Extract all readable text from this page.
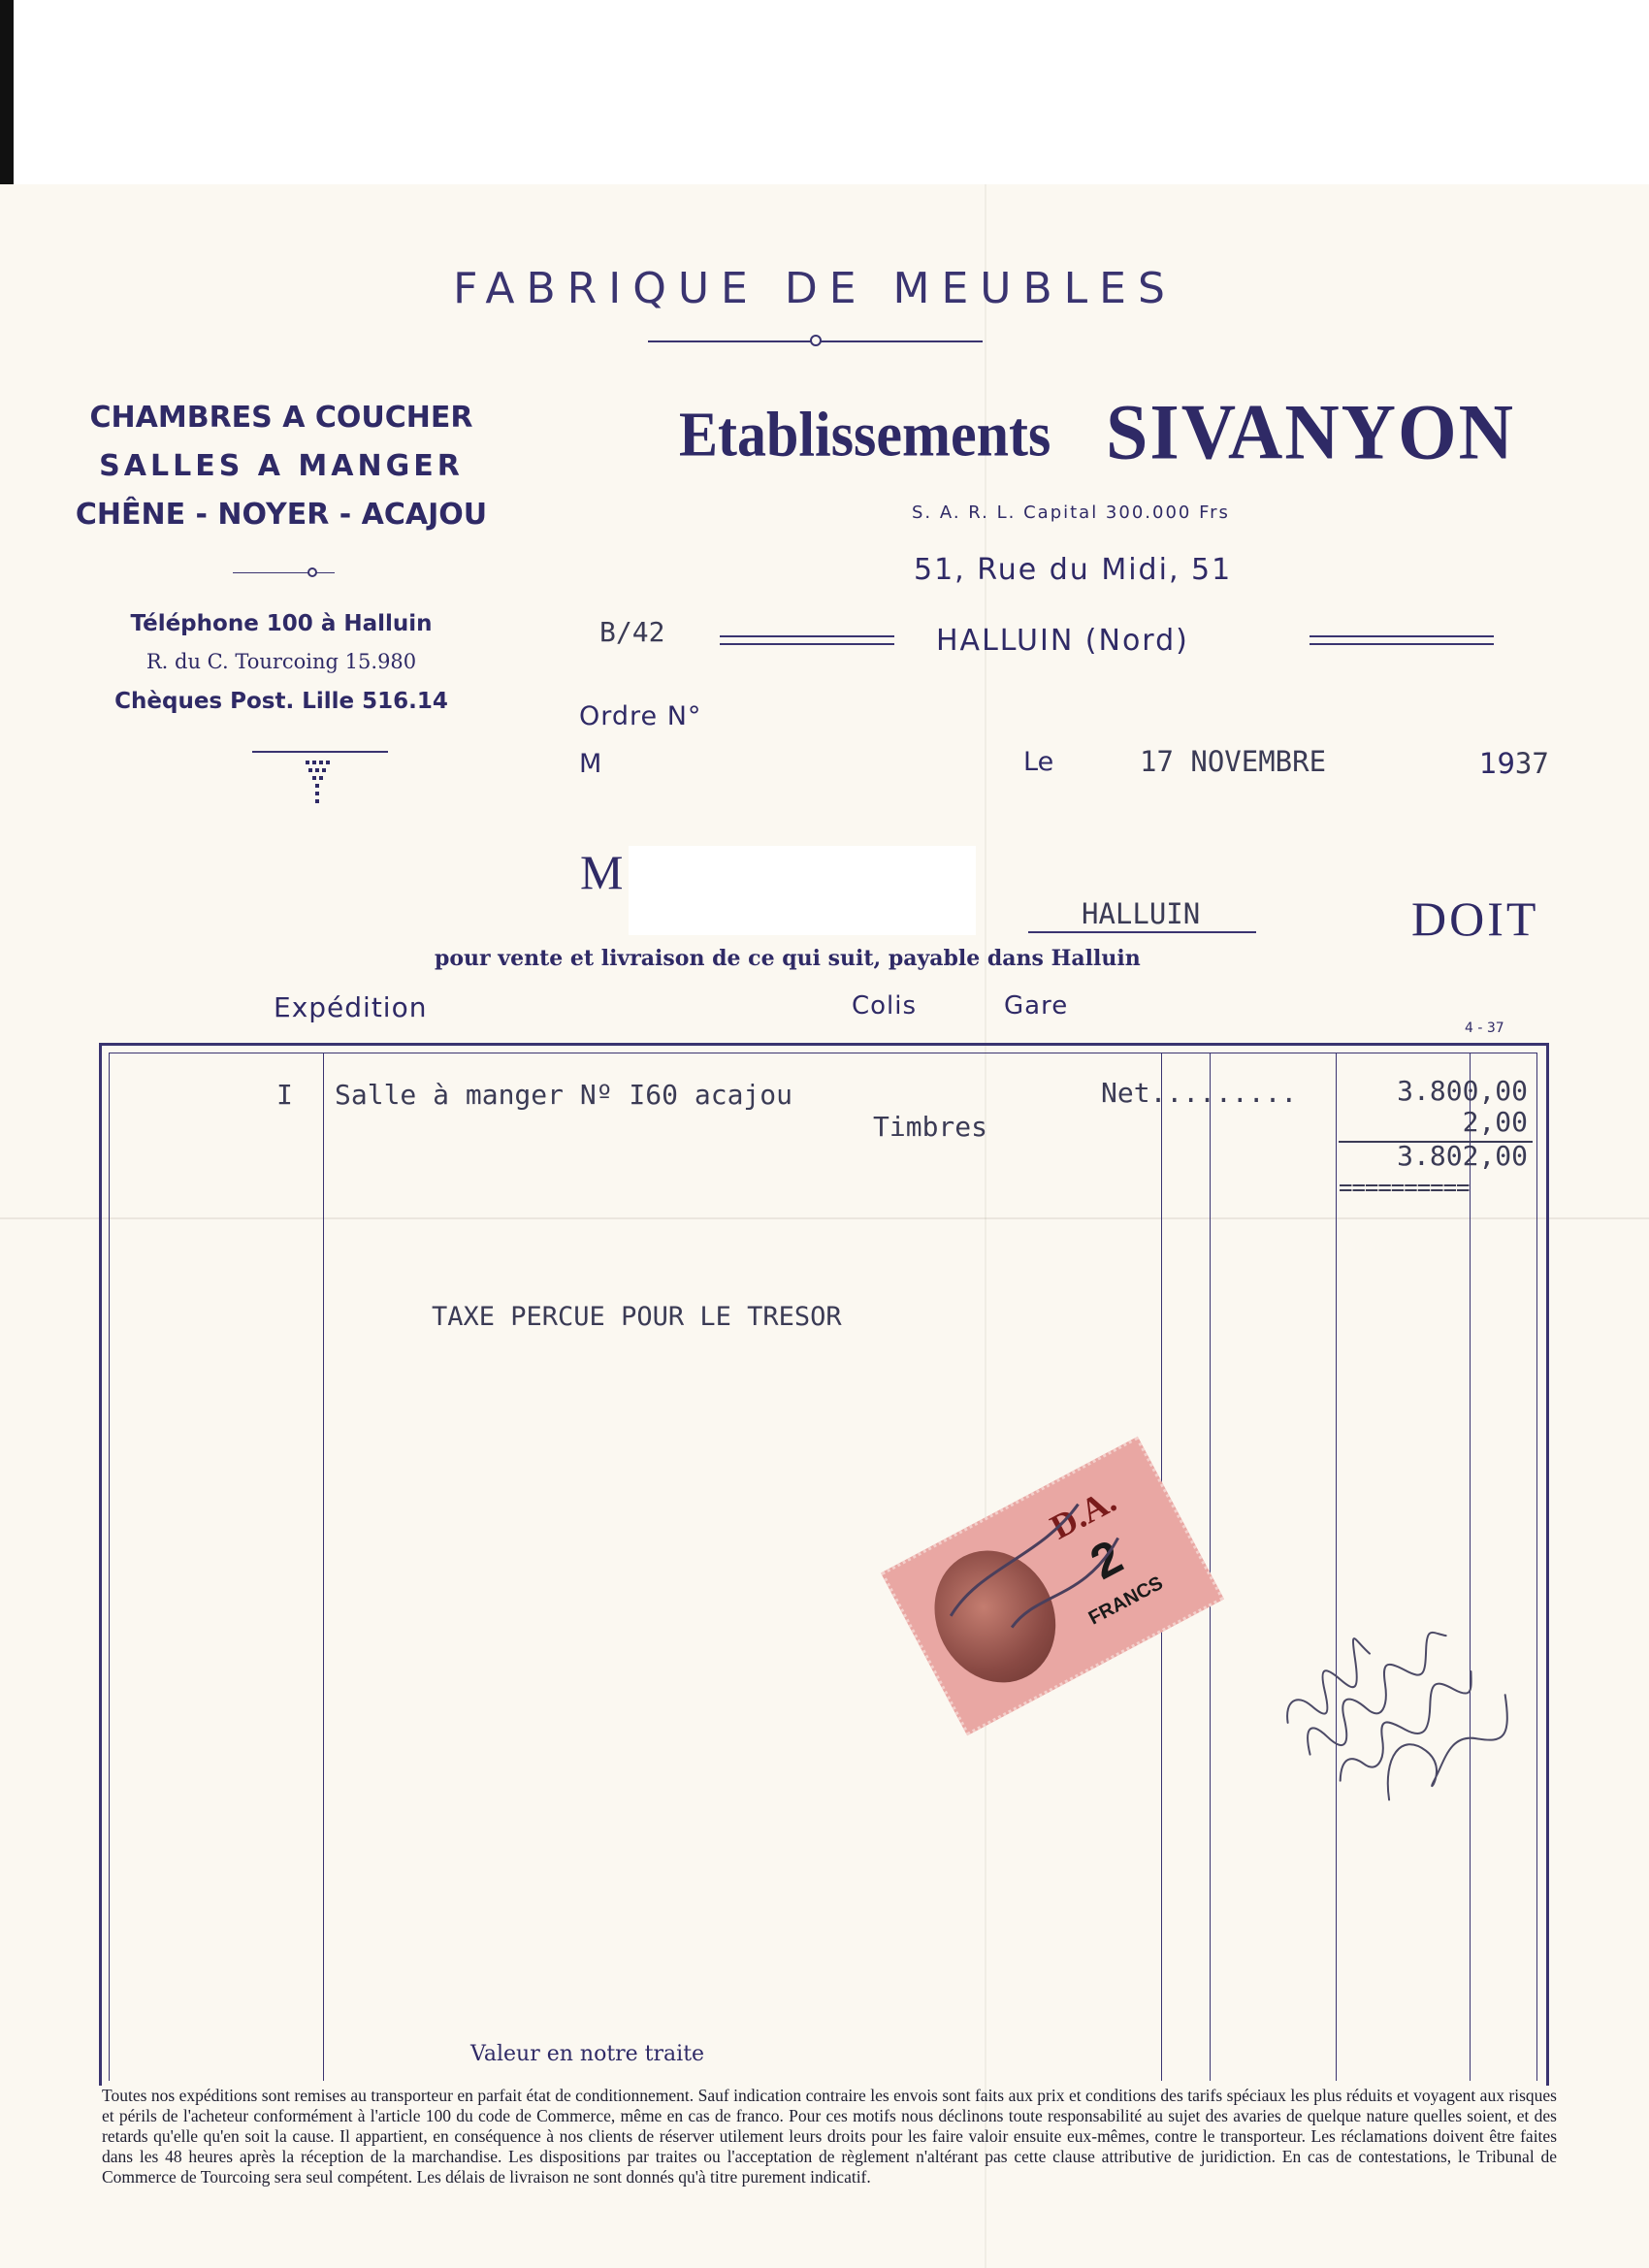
FABRIQUE DE MEUBLES
CHAMBRES A COUCHER
SALLES A MANGER
CHÊNE - NOYER - ACAJOU
Téléphone 100 à Halluin
R. du C. Tourcoing 15.980
Chèques Post. Lille 516.14
Etablissements SIVANYON
S. A. R. L. Capital 300.000 Frs
51, Rue du Midi, 51
B/42	HALLUIN (Nord)
Ordre N°
M	Le	17 NOVEMBRE	1937
M
HALLUIN	DOIT
pour vente et livraison de ce qui suit, payable dans Halluin
Expédition	Colis	Gare
4 - 37
I Salle à manger Nº I60 acajou	Net.........	3.800,00
Timbres	2,00
3.802,00
==========
TAXE PERCUE POUR LE TRESOR
Valeur en notre traite
D.A.
2
FRANCS
Toutes nos expéditions sont remises au transporteur en parfait état de conditionnement. Sauf indication contraire les envois sont faits aux prix et conditions des tarifs spéciaux les plus réduits et voyagent aux risques et périls de l'acheteur conformément à l'article 100 du code de Commerce, même en cas de franco. Pour ces motifs nous déclinons toute responsabilité au sujet des avaries de quelque nature quelles soient, et des retards qu'elle qu'en soit la cause. Il appartient, en conséquence à nos clients de réserver utilement leurs droits pour les faire valoir ensuite eux-mêmes, contre le transporteur. Les réclamations doivent être faites dans les 48 heures après la réception de la marchandise. Les dispositions par traites ou l'acceptation de règlement n'altérant pas cette clause attributive de juridiction. En cas de contestations, le Tribunal de Commerce de Tourcoing sera seul compétent. Les délais de livraison ne sont donnés qu'à titre purement indicatif.
